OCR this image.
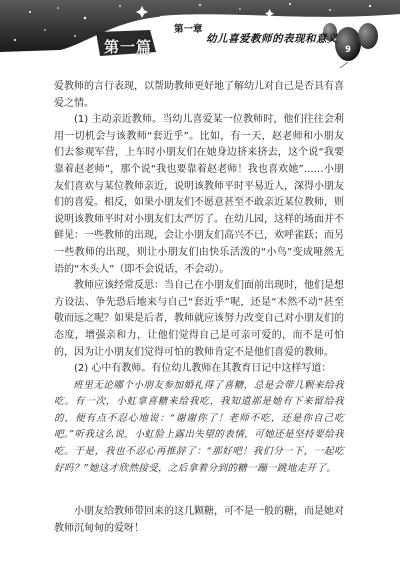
第一篇
第一章
幼儿喜爱教师的表现和意义
9

爱教师的言行表现，以帮助教师更好地了解幼儿对自己是否具有喜爱之情。

(1) 主动亲近教师。当幼儿喜爱某一位教师时，他们往往会利用一切机会与该教师“套近乎”。比如，有一天，赵老师和小朋友们去参观军营，上车时小朋友们在她身边挤来挤去，这个说“我要靠着赵老师”，那个说“我也要靠着赵老师！我也喜欢她”……小朋友们喜欢与某位教师亲近，说明该教师平时平易近人，深得小朋友们的喜爱。相反，如果小朋友们不愿意甚至不敢亲近某位教师，则说明该教师平时对小朋友们太严厉了。在幼儿园，这样的场面并不鲜见：一些教师的出现，会让小朋友们高兴不已，欢呼雀跃；而另一些教师的出现，则让小朋友们由快乐活泼的“小鸟”变成哑然无语的“木头人”（即不会说话，不会动）。

教师应该经常反思：当自己在小朋友们面前出现时，他们是想方设法、争先恐后地来与自己“套近乎”呢，还是“木然不动”甚至敬而远之呢？如果是后者，教师就应该努力改变自己对小朋友们的态度，增强亲和力，让他们觉得自己是可亲可爱的，而不是可怕的，因为让小朋友们觉得可怕的教师肯定不是他们喜爱的教师。

(2) 心中有教师。有位幼儿教师在其教育日记中这样写道：

班里无论哪个小朋友参加婚礼得了喜糖，总是会带几颗来给我吃。有一次，小虹拿喜糖来给我吃，我知道那是她有下来留给我的，便有点不忍心地说：“谢谢你了！老师不吃，还是你自己吃吧。”听我这么说，小虹脸上露出失望的表情，可她还是坚持要给我吃。于是，我也不忍心再推辞了：“那好吧！我们分一下，一起吃好吗？”她这才欣然接受，之后拿着分到的糖一蹦一跳地走开了。

小朋友给教师带回来的这几颗糖，可不是一般的糖，而是她对教师沉甸甸的爱呀！
